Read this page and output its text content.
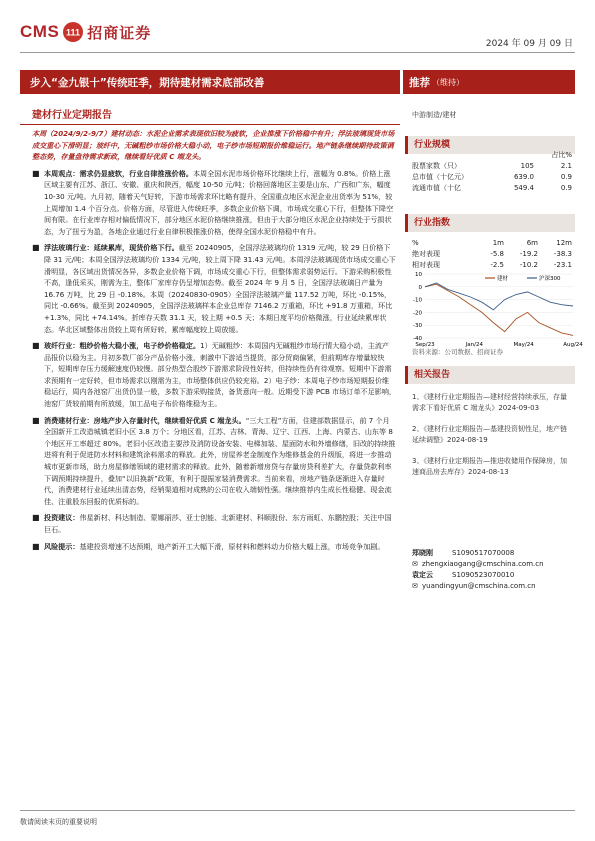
CMS 111 招商证券
2024 年 09 月 09 日
步入“金九银十”传统旺季，期待建材需求底部改善	推荐 （维持）
建材行业定期报告
本周（2024/9/2-9/7）建材动态：水泥企业需求表现依旧较为疲软，企业推涨下价格稳中有升；浮法玻璃现货市场成交重心下滑明显；玻纤中，无碱粗纱市场价格大稳小动，电子纱市场短期报价维稳运行。地产链条继续期待政策调整态势，存量盘待需求新政，继续看好优质 C 端龙头。
■ 本周观点：需求仍显疲软，行业自律推涨价格。本周全国水泥市场价格环比继续上行，涨幅为 0.8%。价格上涨区域主要有江苏、浙江、安徽、重庆和陕西，幅度 10-50 元/吨；价格回落地区主要是山东、广西和广东，幅度 10-30 元/吨。九月初，随着天气好转，下游市场需求环比略有提升，全国重点地区水泥企业出货率为 51%，较上周增加 1.4 个百分点。价格方面，尽管进入传统旺季，多数企业价格下调，市场成交重心下行，但整体下降空间有限。在行业库存相对偏低情况下，部分地区水泥价格继续推涨，但由于大部分地区水泥企业持续处于亏损状态，为了扭亏为盈，各地企业通过行业自律积极推涨价格，使得全国水泥价格稳中有升。
■ 浮法玻璃行业：延续累库，现货价格下行。截至 20240905，全国浮法玻璃均价 1319 元/吨，较 29 日价格下降 31 元/吨；本周全国浮法玻璃均价 1334 元/吨，较上周下降 31.43 元/吨。本周浮法玻璃现货市场成交重心下滑明显，各区域出货情况各异，多数企业价格下调，市场成交重心下行，但整体需求弱势运行。下游采购积极性不高，逢低采买，刚需为主，整体厂家库存仍呈增加态势。截至 2024 年 9 月 5 日，全国浮法玻璃日产量为 16.76 万吨，比 29 日 -0.18%。本周（20240830-0905）全国浮法玻璃产量 117.52 万吨，环比 -0.15%，同比 -0.66%。截至到 20240905，全国浮法玻璃样本企业总库存 7146.2 万重箱，环比 +91.8 万重箱，环比 +1.3%，同比 +74.14%。折库存天数 31.1 天，较上期 +0.5 天；本期日度平均价格微涨，行业延续累库状态。华北区域整体出货较上周有所好转，累库幅度较上周放缓。
■ 玻纤行业：粗纱价格大稳小涨，电子纱价格稳定。1）无碱粗纱：本周国内无碱粗纱市场行情大稳小动，主流产品报价以稳为主。月初多数厂部分产品价格小涨，刺激中下游适当提货，部分贸商偏紧，但前期库存增量较快下，短期库存压力缓解速度仍较慢。部分热型合股纱下游需求阶段性好转，但持续性仍有待观察。短期中下游需求预期有一定好转，但市场需求以刚需为主，市场整体供应仍较充裕。2）电子纱：本周电子纱市场短期报价维稳运行，周内各池窑厂出货仍显一般，多数下游采购接货，备货意向一般。近期受下游 PCB 市场订单不足影响，池窑厂货较前期有所放缓，加工品电子布价格维稳为主。
■ 消费建材行业：房地产步入存量时代，继续看好优质 C 端龙头。“三大工程”方面，住建部数据显示，前 7 个月全国新开工改造城镇老旧小区 3.8 万个；分地区看，江苏、吉林、青海、辽宁、江西、上海、内蒙古、山东等 8 个地区开工率超过 80%。老旧小区改造主要涉及消防设备安装、电梯加装、屋面防水和外墙修缮，旧改的持续推进将有利于促进防水材料和建筑涂料需求的释放。此外，房屋养老金制度作为维修基金的升级版，将进一步推动城市更新市场，助力房屋修缮领域的建材需求的释放。此外，随着新增房贷与存量房贷利差扩大，存量贷款利率下调预期持续提升，叠加“以旧换新”政策，有利于提振家装消费需求。当前来看，房地产链条逐渐进入存量时代，消费建材行业延续出清态势，经销渠道相对成熟的公司在收入端韧性强。继续推荐内生成长性稳健、现金流佳、注重股东回报的优质标的。
■ 投资建议：伟星新材、科达制造、蒙娜丽莎、亚士创能、北新建材、科顺股份、东方雨虹、东鹏控股；关注中国巨石。
■ 风险提示：基建投资增速不达预期，地产新开工大幅下滑，原材料和燃料动力价格大幅上涨，市场竞争加剧。
中游制造/建材
行业规模
占比%
股票家数（只）	105	2.1
总市值（十亿元）	639.0	0.9
流通市值（十亿	549.4	0.9
行业指数
%	1m	6m	12m
绝对表现	-5.8	-19.2	-38.3
相对表现	-2.5	-10.2	-23.1
10
0
-10
-20
-30
-40
Sep/23	Jan/24	May/24	Aug/24
建材	沪深300
资料来源：公司数据、招商证券
相关报告
1、《建材行业定期报告—建材经营持续承压，存量需求下看好优质 C 端龙头》2024-09-03
2、《建材行业定期报告—基建投资韧性足，地产链延续调整》2024-08-19
3、《建材行业定期报告—推进收储用作保障房，加速商品房去库存》2024-08-13
郑晓刚	S1090517070008
✉ zhengxiaogang@cmschina.com.cn
袁定云	S1090523070010
✉ yuandingyun@cmschina.com.cn
敬请阅读末页的重要说明
